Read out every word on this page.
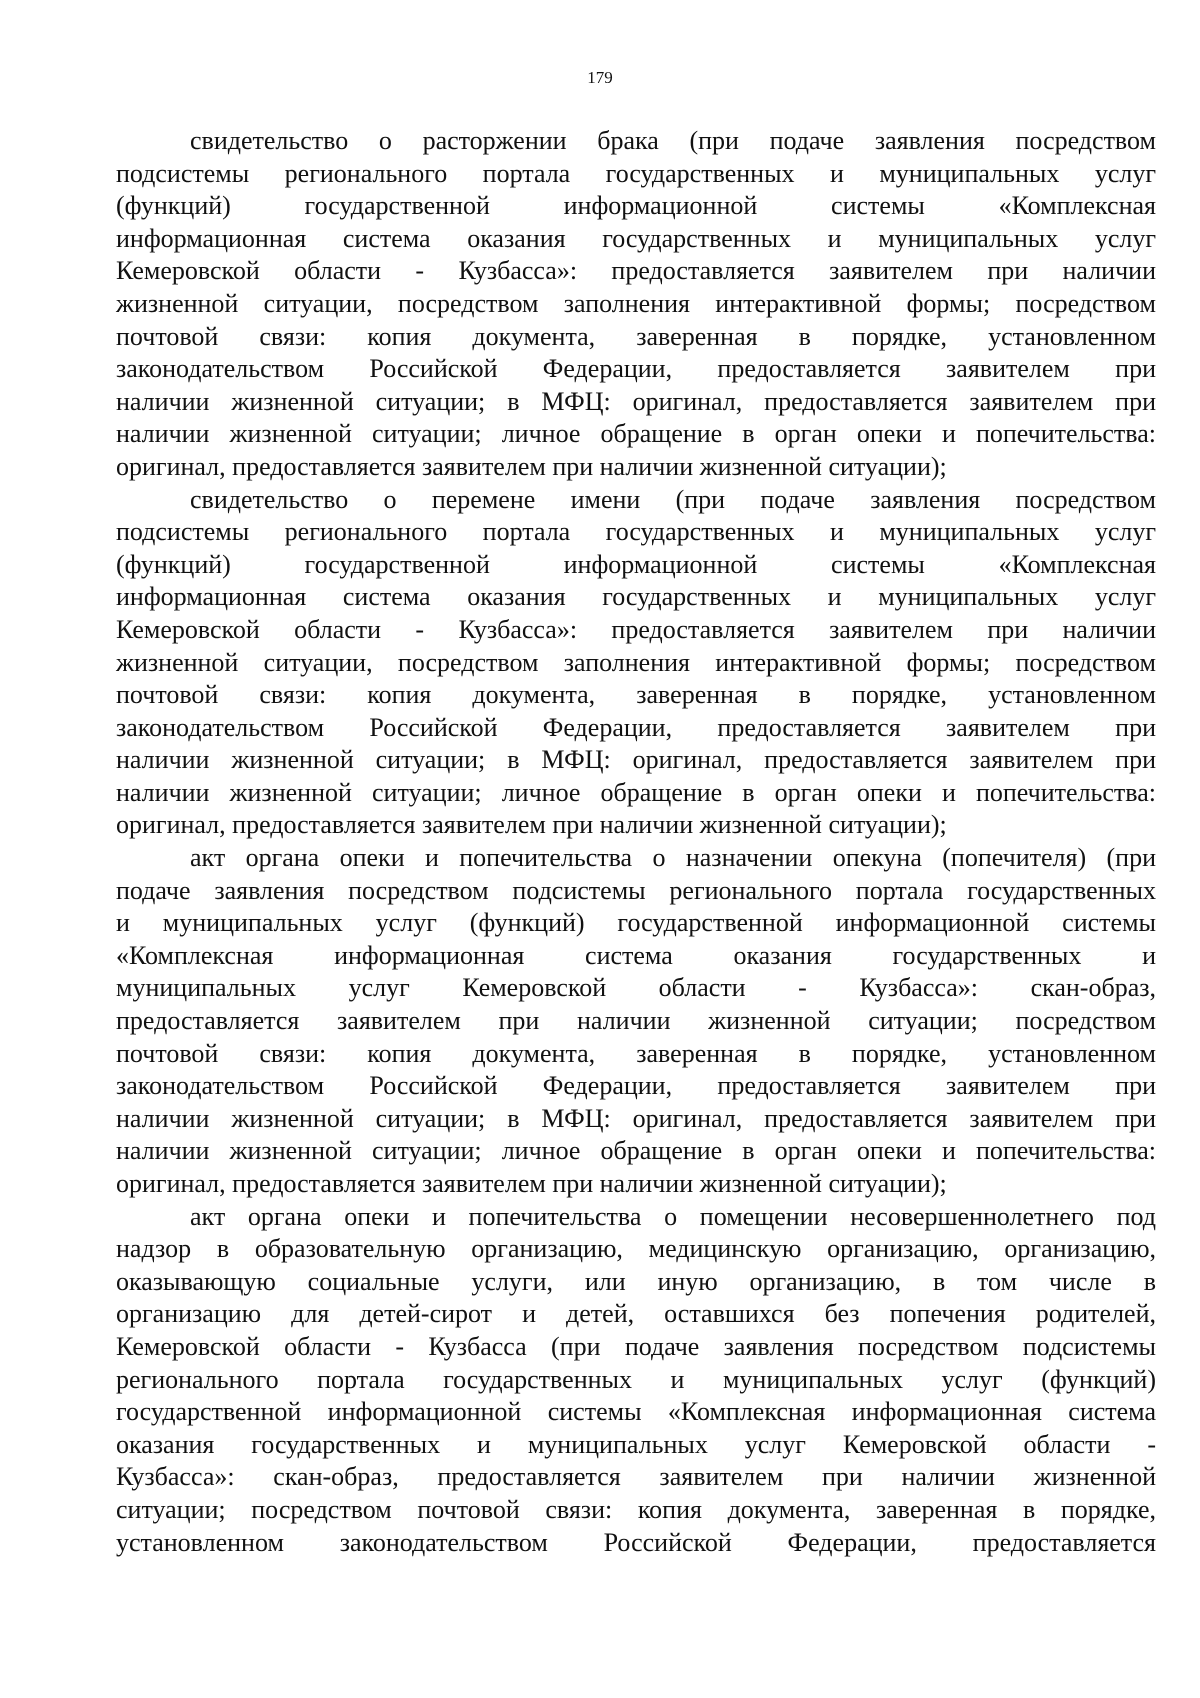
179
свидетельство о расторжении брака (при подаче заявления посредством
подсистемы регионального портала государственных и муниципальных услуг
(функций) государственной информационной системы «Комплексная
информационная система оказания государственных и муниципальных услуг
Кемеровской области - Кузбасса»: предоставляется заявителем при наличии
жизненной ситуации, посредством заполнения интерактивной формы; посредством
почтовой связи: копия документа, заверенная в порядке, установленном
законодательством Российской Федерации, предоставляется заявителем при
наличии жизненной ситуации; в МФЦ: оригинал, предоставляется заявителем при
наличии жизненной ситуации; личное обращение в орган опеки и попечительства:
оригинал, предоставляется заявителем при наличии жизненной ситуации);
свидетельство о перемене имени (при подаче заявления посредством
подсистемы регионального портала государственных и муниципальных услуг
(функций) государственной информационной системы «Комплексная
информационная система оказания государственных и муниципальных услуг
Кемеровской области - Кузбасса»: предоставляется заявителем при наличии
жизненной ситуации, посредством заполнения интерактивной формы; посредством
почтовой связи: копия документа, заверенная в порядке, установленном
законодательством Российской Федерации, предоставляется заявителем при
наличии жизненной ситуации; в МФЦ: оригинал, предоставляется заявителем при
наличии жизненной ситуации; личное обращение в орган опеки и попечительства:
оригинал, предоставляется заявителем при наличии жизненной ситуации);
акт органа опеки и попечительства о назначении опекуна (попечителя) (при
подаче заявления посредством подсистемы регионального портала государственных
и муниципальных услуг (функций) государственной информационной системы
«Комплексная информационная система оказания государственных и
муниципальных услуг Кемеровской области - Кузбасса»: скан-образ,
предоставляется заявителем при наличии жизненной ситуации; посредством
почтовой связи: копия документа, заверенная в порядке, установленном
законодательством Российской Федерации, предоставляется заявителем при
наличии жизненной ситуации; в МФЦ: оригинал, предоставляется заявителем при
наличии жизненной ситуации; личное обращение в орган опеки и попечительства:
оригинал, предоставляется заявителем при наличии жизненной ситуации);
акт органа опеки и попечительства о помещении несовершеннолетнего под
надзор в образовательную организацию, медицинскую организацию, организацию,
оказывающую социальные услуги, или иную организацию, в том числе в
организацию для детей-сирот и детей, оставшихся без попечения родителей,
Кемеровской области - Кузбасса (при подаче заявления посредством подсистемы
регионального портала государственных и муниципальных услуг (функций)
государственной информационной системы «Комплексная информационная система
оказания государственных и муниципальных услуг Кемеровской области -
Кузбасса»: скан-образ, предоставляется заявителем при наличии жизненной
ситуации; посредством почтовой связи: копия документа, заверенная в порядке,
установленном законодательством Российской Федерации, предоставляется
